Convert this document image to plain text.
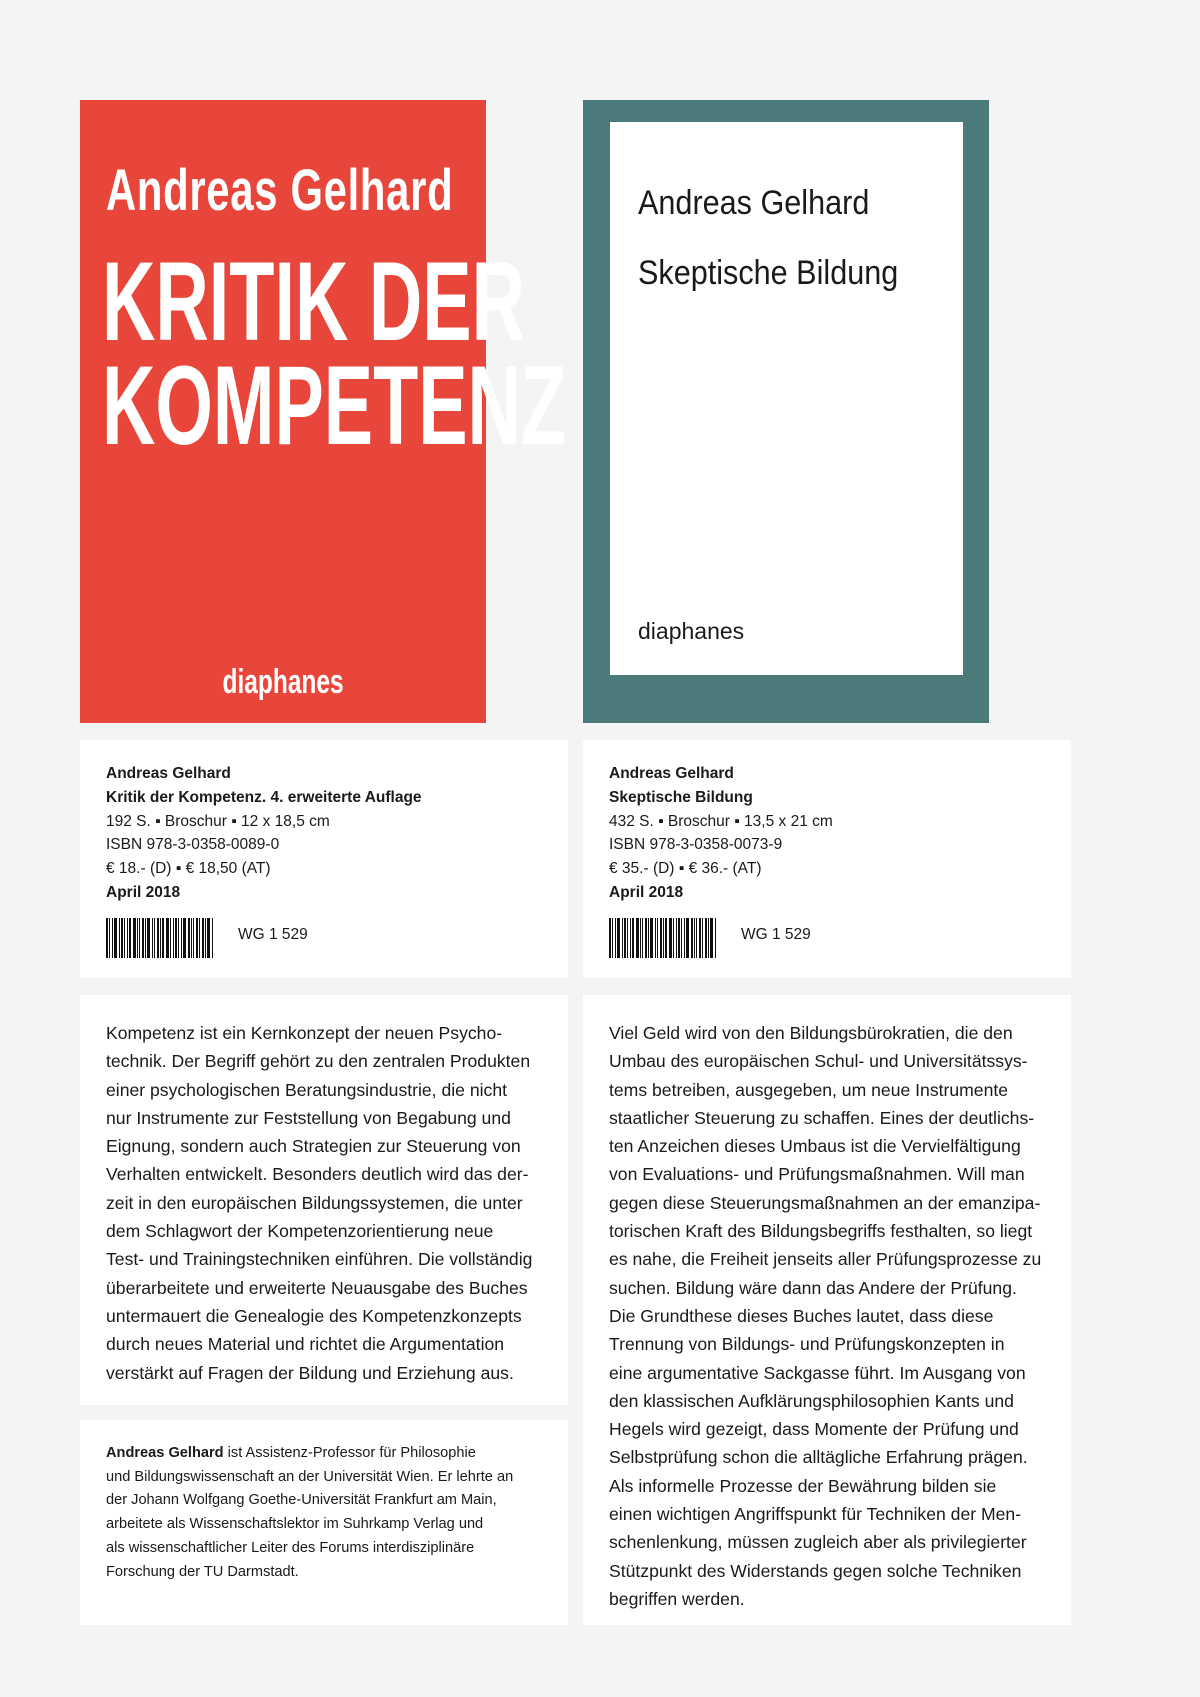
Andreas Gelhard
KRITIK DER
KOMPETENZ
diaphanes
Andreas Gelhard
Skeptische Bildung
diaphanes
Andreas Gelhard
Kritik der Kompetenz. 4. erweiterte Auflage
192 S. ▪ Broschur ▪ 12 x 18,5 cm
ISBN 978-3-0358-0089-0
€ 18.- (D) ▪ € 18,50 (AT)
April 2018
WG 1 529
Andreas Gelhard
Skeptische Bildung
432 S. ▪ Broschur ▪ 13,5 x 21 cm
ISBN 978-3-0358-0073-9
€ 35.- (D) ▪ € 36.- (AT)
April 2018
WG 1 529
Kompetenz ist ein Kernkonzept der neuen Psycho-
technik. Der Begriff gehört zu den zentralen Produkten
einer psychologischen Beratungsindustrie, die nicht
nur Instrumente zur Feststellung von Begabung und
Eignung, sondern auch Strategien zur Steuerung von
Verhalten entwickelt. Besonders deutlich wird das der-
zeit in den europäischen Bildungssystemen, die unter
dem Schlagwort der Kompetenzorientierung neue
Test- und Trainingstechniken einführen. Die vollständig
überarbeitete und erweiterte Neuausgabe des Buches
untermauert die Genealogie des Kompetenzkonzepts
durch neues Material und richtet die Argumentation
verstärkt auf Fragen der Bildung und Erziehung aus.
Viel Geld wird von den Bildungsbürokratien, die den
Umbau des europäischen Schul- und Universitätssys-
tems betreiben, ausgegeben, um neue Instrumente
staatlicher Steuerung zu schaffen. Eines der deutlichs-
ten Anzeichen dieses Umbaus ist die Vervielfältigung
von Evaluations- und Prüfungsmaßnahmen. Will man
gegen diese Steuerungsmaßnahmen an der emanzipa-
torischen Kraft des Bildungsbegriffs festhalten, so liegt
es nahe, die Freiheit jenseits aller Prüfungsprozesse zu
suchen. Bildung wäre dann das Andere der Prüfung.
Die Grundthese dieses Buches lautet, dass diese
Trennung von Bildungs- und Prüfungskonzepten in
eine argumentative Sackgasse führt. Im Ausgang von
den klassischen Aufklärungsphilosophien Kants und
Hegels wird gezeigt, dass Momente der Prüfung und
Selbstprüfung schon die alltägliche Erfahrung prägen.
Als informelle Prozesse der Bewährung bilden sie
einen wichtigen Angriffspunkt für Techniken der Men-
schenlenkung, müssen zugleich aber als privilegierter
Stützpunkt des Widerstands gegen solche Techniken
begriffen werden.
Andreas Gelhard ist Assistenz-Professor für Philosophie
und Bildungswissenschaft an der Universität Wien. Er lehrte an
der Johann Wolfgang Goethe-Universität Frankfurt am Main,
arbeitete als Wissenschaftslektor im Suhrkamp Verlag und
als wissenschaftlicher Leiter des Forums interdisziplinäre
Forschung der TU Darmstadt.
